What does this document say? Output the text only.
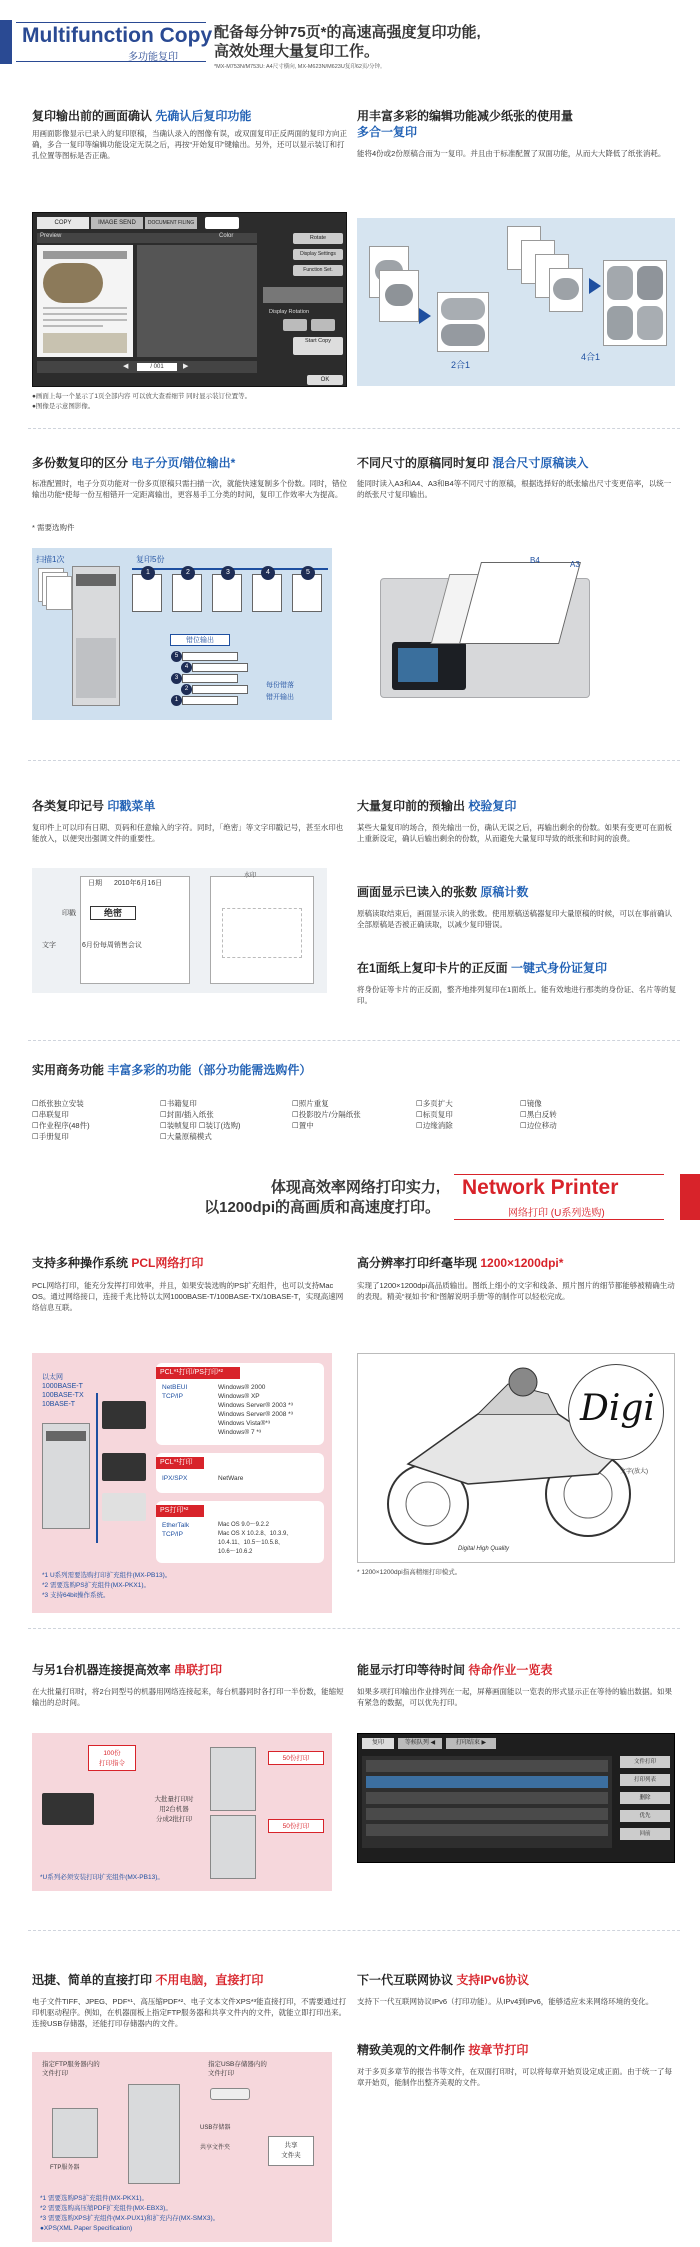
Multifunction Copy
多功能复印
配备每分钟75页*的高速高强度复印功能,
高效处理大量复印工作。
*MX-M753N/M753U: A4尺寸横向, MX-M623N/M623U复印62页/分钟。
复印输出前的画面确认 先确认后复印功能
用画面影像显示已录入的复印原稿，当确认录入的图像有误，或双面复印正反两面的复印方向正确，多合一复印等编辑功能设定无误之后，再按“开始复印”键输出。另外，还可以显示装订和打孔位置等图标是否正确。
COPY	IMAGE SEND	DOCUMENT FILING
Preview	Color	Rotate
Display Settings
Function Set.
Display Rotation
Start Copy
◀	/ 001	▶
OK
●画面上每一个显示了1页全部内容 可以放大查看细节 同时显示装订位置等。
●图像是示意图影像。
用丰富多彩的编辑功能减少纸张的使用量
多合一复印
能将4份或2份原稿合而为一复印。并且由于标准配置了双面功能，从而大大降低了纸张消耗。
2合1
4合1
多份数复印的区分 电子分页/错位输出*
标准配置时，电子分页功能对一份多页原稿只需扫描一次，就能快速复制多个份数。同时，错位输出功能*使每一份互相错开一定距离输出，更容易手工分类的时间，复印工作效率大为提高。
* 需要选购件
扫描1次	复印5份
1	2	3	4	5
错位输出
5
4
3
2
1
每份错落
错开输出
不同尺寸的原稿同时复印 混合尺寸原稿读入
能同时读入A3和A4、A3和B4等不同尺寸的原稿，根据选择好的纸张输出尺寸变更倍率，以统一的纸张尺寸复印输出。
B4	A3
各类复印记号 印戳菜单
复印件上可以印有日期、页码和任意输入的字符。同时，「绝密」等文字印戳记号，甚至水印也能放入，以便突出强调文件的重要性。
日期 2010年6月16日
印戳	绝密
文字	6月份每周销售会议
水印
大量复印前的预输出 校验复印
某些大量复印的场合，预先输出一份，确认无误之后，再输出剩余的份数。如果有变更可在面板上重新设定，确认后输出剩余的份数，从而避免大量复印导致的纸张和时间的浪费。
画面显示已读入的张数 原稿计数
原稿读取结束后，画面显示读入的张数。使用原稿送稿器复印大量原稿的时候，可以在事前确认全部原稿是否被正确读取，以减少复印错误。
在1面纸上复印卡片的正反面 一键式身份证复印
将身份证等卡片的正反面，整齐地排列复印在1面纸上。能有效地进行那类的身份证、名片等的复印。
实用商务功能 丰富多彩的功能（部分功能需选购件）
☐纸张独立安装
☐串联复印
☐作业程序(48件)
☐手册复印
☐书籍复印
☐封面/插入纸张
☐装帧复印 ☐装订(选购)
☐大量原稿模式
☐照片重复
☐投影胶片/分隔纸张
☐置中
☐多页扩大
☐标页复印
☐边缘消除
☐镜像
☐黑白反转
☐边位移动
体现高效率网络打印实力,
以1200dpi的高画质和高速度打印。
Network Printer
网络打印 (U系列选购)
支持多种操作系统 PCL网络打印
PCL网络打印，能充分发挥打印效率，并且，如果安装选购的PS扩充组件，也可以支持Mac OS。通过网络接口，连接千兆比特以太网1000BASE-T/100BASE-TX/10BASE-T，实现高速网络信息互联。
以太网
1000BASE-T
100BASE-TX
10BASE-T
PCL*¹打印/PS打印*²
NetBEUI
TCP/IP
Windows® 2000
Windows® XP
Windows Server® 2003 *³
Windows Server® 2008 *³
Windows Vista®*³
Windows® 7 *³
PCL*¹打印
IPX/SPX	NetWare
PS打印*²
EtherTalk
TCP/IP
Mac OS 9.0～9.2.2
Mac OS X 10.2.8、10.3.9、
10.4.11、10.5～10.5.8、
10.6～10.6.2
*1 U系列需要选购打印扩充组件(MX-PB13)。
*2 需要选购PS扩充组件(MX-PKX1)。
*3 支持64bit操作系统。
高分辨率打印纤毫毕现 1200×1200dpi*
实现了1200×1200dpi高品质输出。图纸上细小的文字和线条、照片图片的细节都能够被精确生动的表现。精美“视如书”和“图解说明手册”等的制作可以轻松完成。
Digi
文字(放大)
Digital High Quality
* 1200×1200dpi指高精细打印模式。
与另1台机器连接提高效率 串联打印
在大批量打印时，将2台同型号的机器用网络连接起来，每台机器同时各打印一半份数，能缩短输出的总时间。
100份
打印指令
大批量打印时
用2台机器
分成2批打印
50份打印
50份打印
*U系列必须安装打印扩充组件(MX-PB13)。
能显示打印等待时间 待命作业一览表
如果多项打印输出作业排列在一起，屏幕画面能以一览表的形式显示正在等待的输出数据。如果有紧急的数据，可以优先打印。
复印	等候队列 ◀	打印结束 ▶
文件打印
打印列表
删除
优先
回前
迅捷、简单的直接打印 不用电脑，直接打印
电子文件TIFF、JPEG、PDF*¹、高压缩PDF*²、电子文本文件XPS*³能直接打印，不需要通过打印机驱动程序。例如，在机器面板上指定FTP服务器和共享文件内的文件，就能立即打印出来。连接USB存储器，还能打印存储器内的文件。
指定FTP服务器内的
文件打印
指定USB存储器内的
文件打印
FTP服务器
USB存储器
共享文件夹	共享
文件夹
*1 需要选购PS扩充组件(MX-PKX1)。
*2 需要选购高压缩PDF扩充组件(MX-EBX3)。
*3 需要选购XPS扩充组件(MX-PUX1)和扩充内存(MX-SMX3)。
●XPS(XML Paper Specification)
下一代互联网协议 支持IPv6协议
支持下一代互联网协议IPv6（打印功能）。从IPv4到IPv6，能够适应未来网络环境的变化。
精致美观的文件制作 按章节打印
对于多页多章节的报告书等文件，在双面打印时，可以将每章开始页设定成正面。由于统一了每章开始页，能制作出整齐美观的文件。
